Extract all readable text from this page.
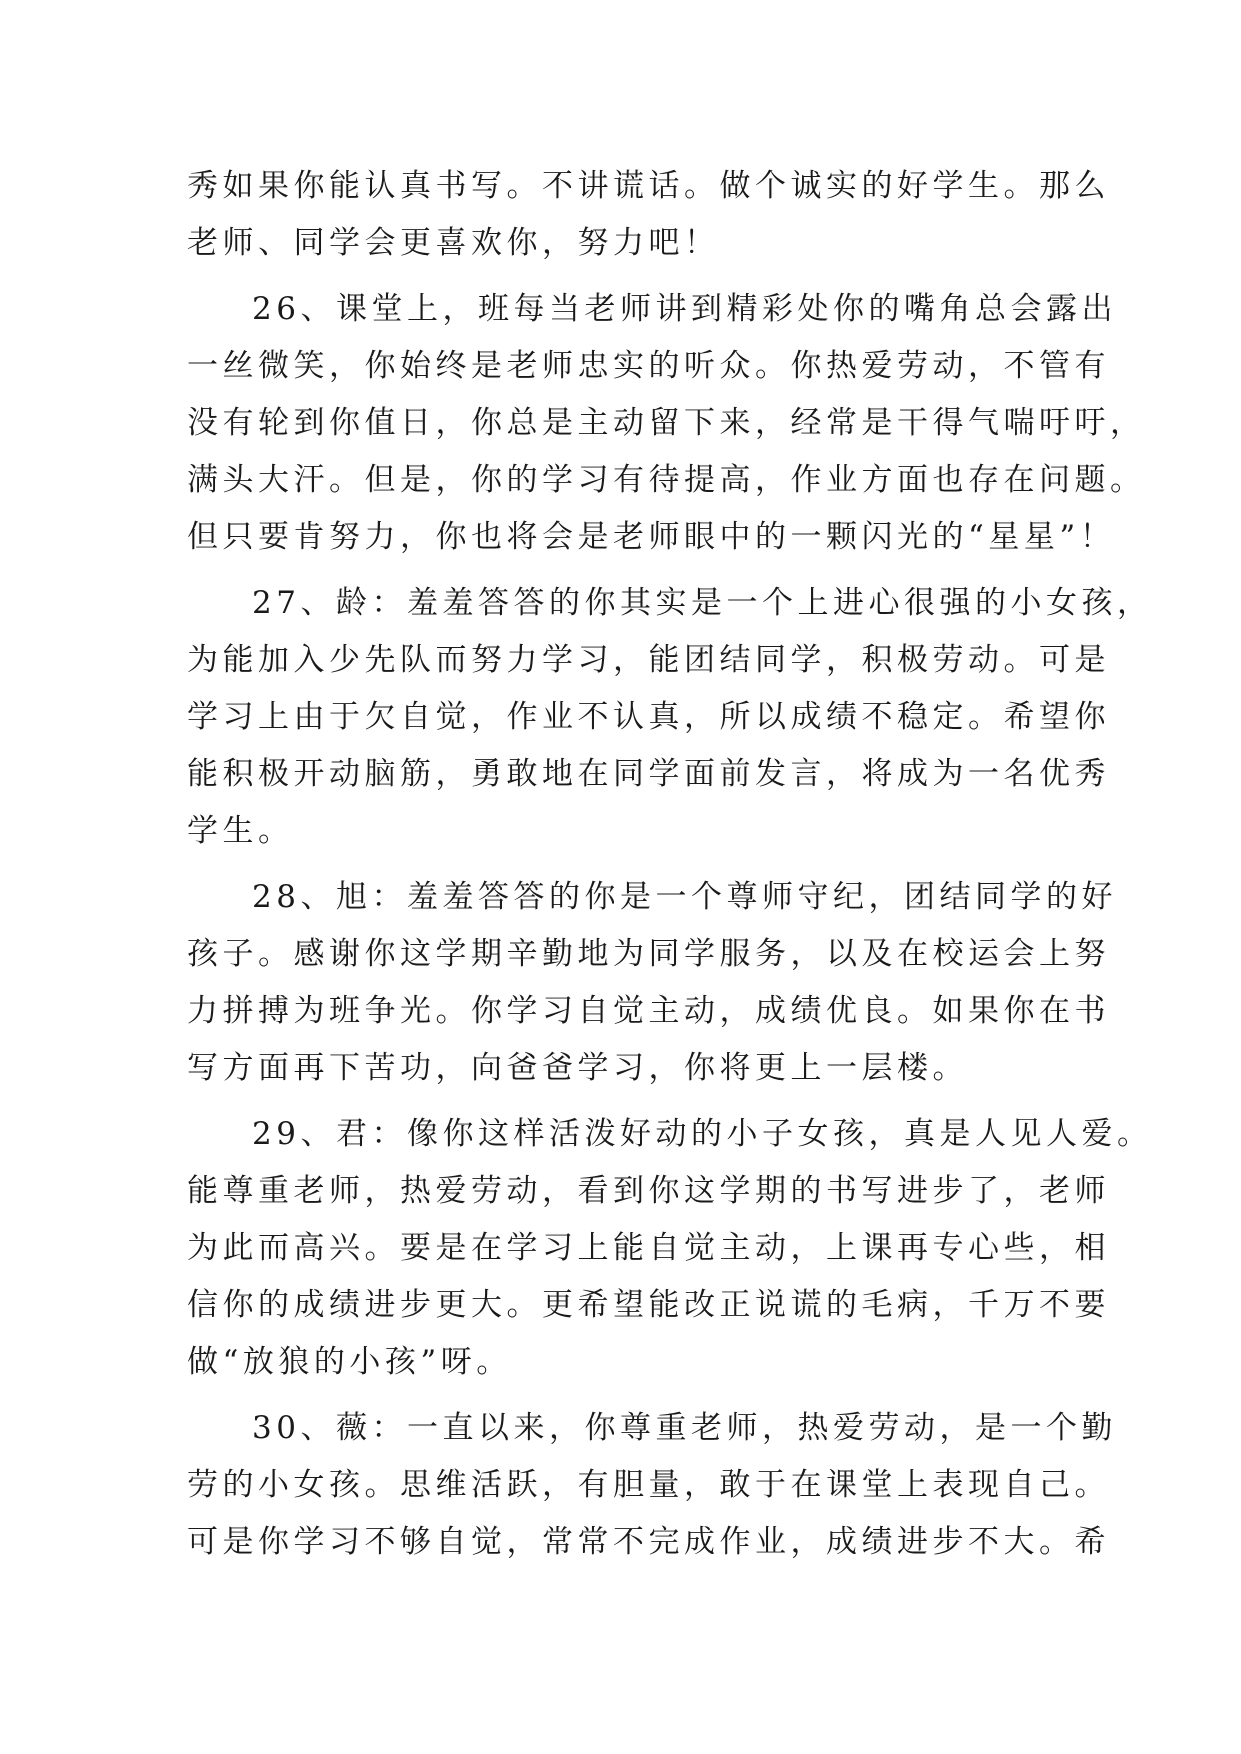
秀如果你能认真书写。不讲谎话。做个诚实的好学生。那么
老师、同学会更喜欢你，努力吧！
26、课堂上，班每当老师讲到精彩处你的嘴角总会露出
一丝微笑，你始终是老师忠实的听众。你热爱劳动，不管有
没有轮到你值日，你总是主动留下来，经常是干得气喘吁吁，
满头大汗。但是，你的学习有待提高，作业方面也存在问题。
但只要肯努力，你也将会是老师眼中的一颗闪光的“星星”！
27、龄：羞羞答答的你其实是一个上进心很强的小女孩，
为能加入少先队而努力学习，能团结同学，积极劳动。可是
学习上由于欠自觉，作业不认真，所以成绩不稳定。希望你
能积极开动脑筋，勇敢地在同学面前发言，将成为一名优秀
学生。
28、旭：羞羞答答的你是一个尊师守纪，团结同学的好
孩子。感谢你这学期辛勤地为同学服务，以及在校运会上努
力拼搏为班争光。你学习自觉主动，成绩优良。如果你在书
写方面再下苦功，向爸爸学习，你将更上一层楼。
29、君：像你这样活泼好动的小子女孩，真是人见人爱。
能尊重老师，热爱劳动，看到你这学期的书写进步了，老师
为此而高兴。要是在学习上能自觉主动，上课再专心些，相
信你的成绩进步更大。更希望能改正说谎的毛病，千万不要
做“放狼的小孩”呀。
30、薇：一直以来，你尊重老师，热爱劳动，是一个勤
劳的小女孩。思维活跃，有胆量，敢于在课堂上表现自己。
可是你学习不够自觉，常常不完成作业，成绩进步不大。希
